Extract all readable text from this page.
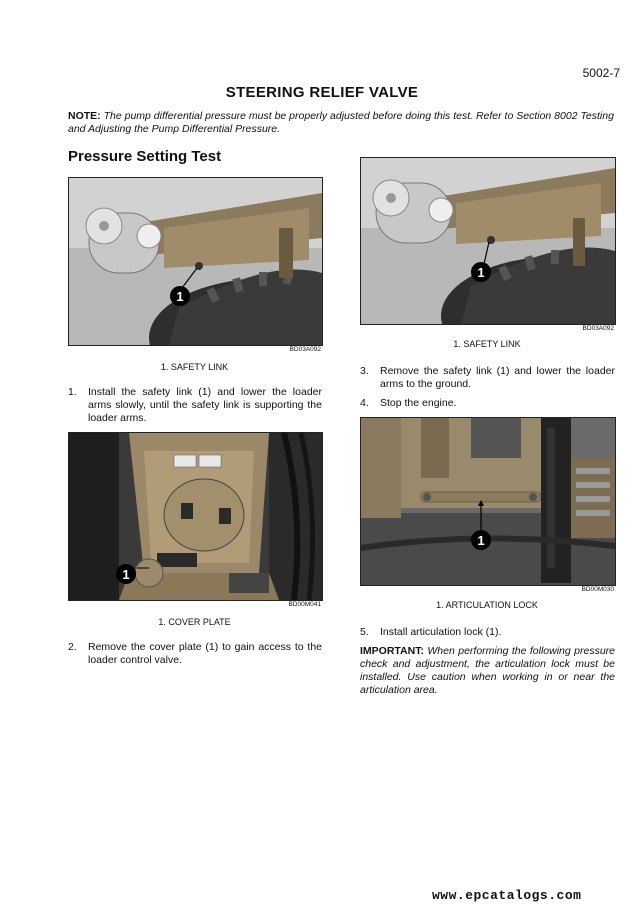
5002-7
STEERING RELIEF VALVE
NOTE: The pump differential pressure must be properly adjusted before doing this test. Refer to Section 8002 Testing and Adjusting the Pump Differential Pressure.
Pressure Setting Test
1
BD03A092
1. SAFETY LINK
1. Install the safety link (1) and lower the loader arms slowly, until the safety link is supporting the loader arms.
1
BD00M041
1. COVER PLATE
2. Remove the cover plate (1) to gain access to the loader control valve.
1
BD03A092
1. SAFETY LINK
3. Remove the safety link (1) and lower the loader arms to the ground.
4. Stop the engine.
1
BD00M030
1. ARTICULATION LOCK
5. Install articulation lock (1).
IMPORTANT: When performing the following pressure check and adjustment, the articulation lock must be installed. Use caution when working in or near the articulation area.
www.epcatalogs.com
